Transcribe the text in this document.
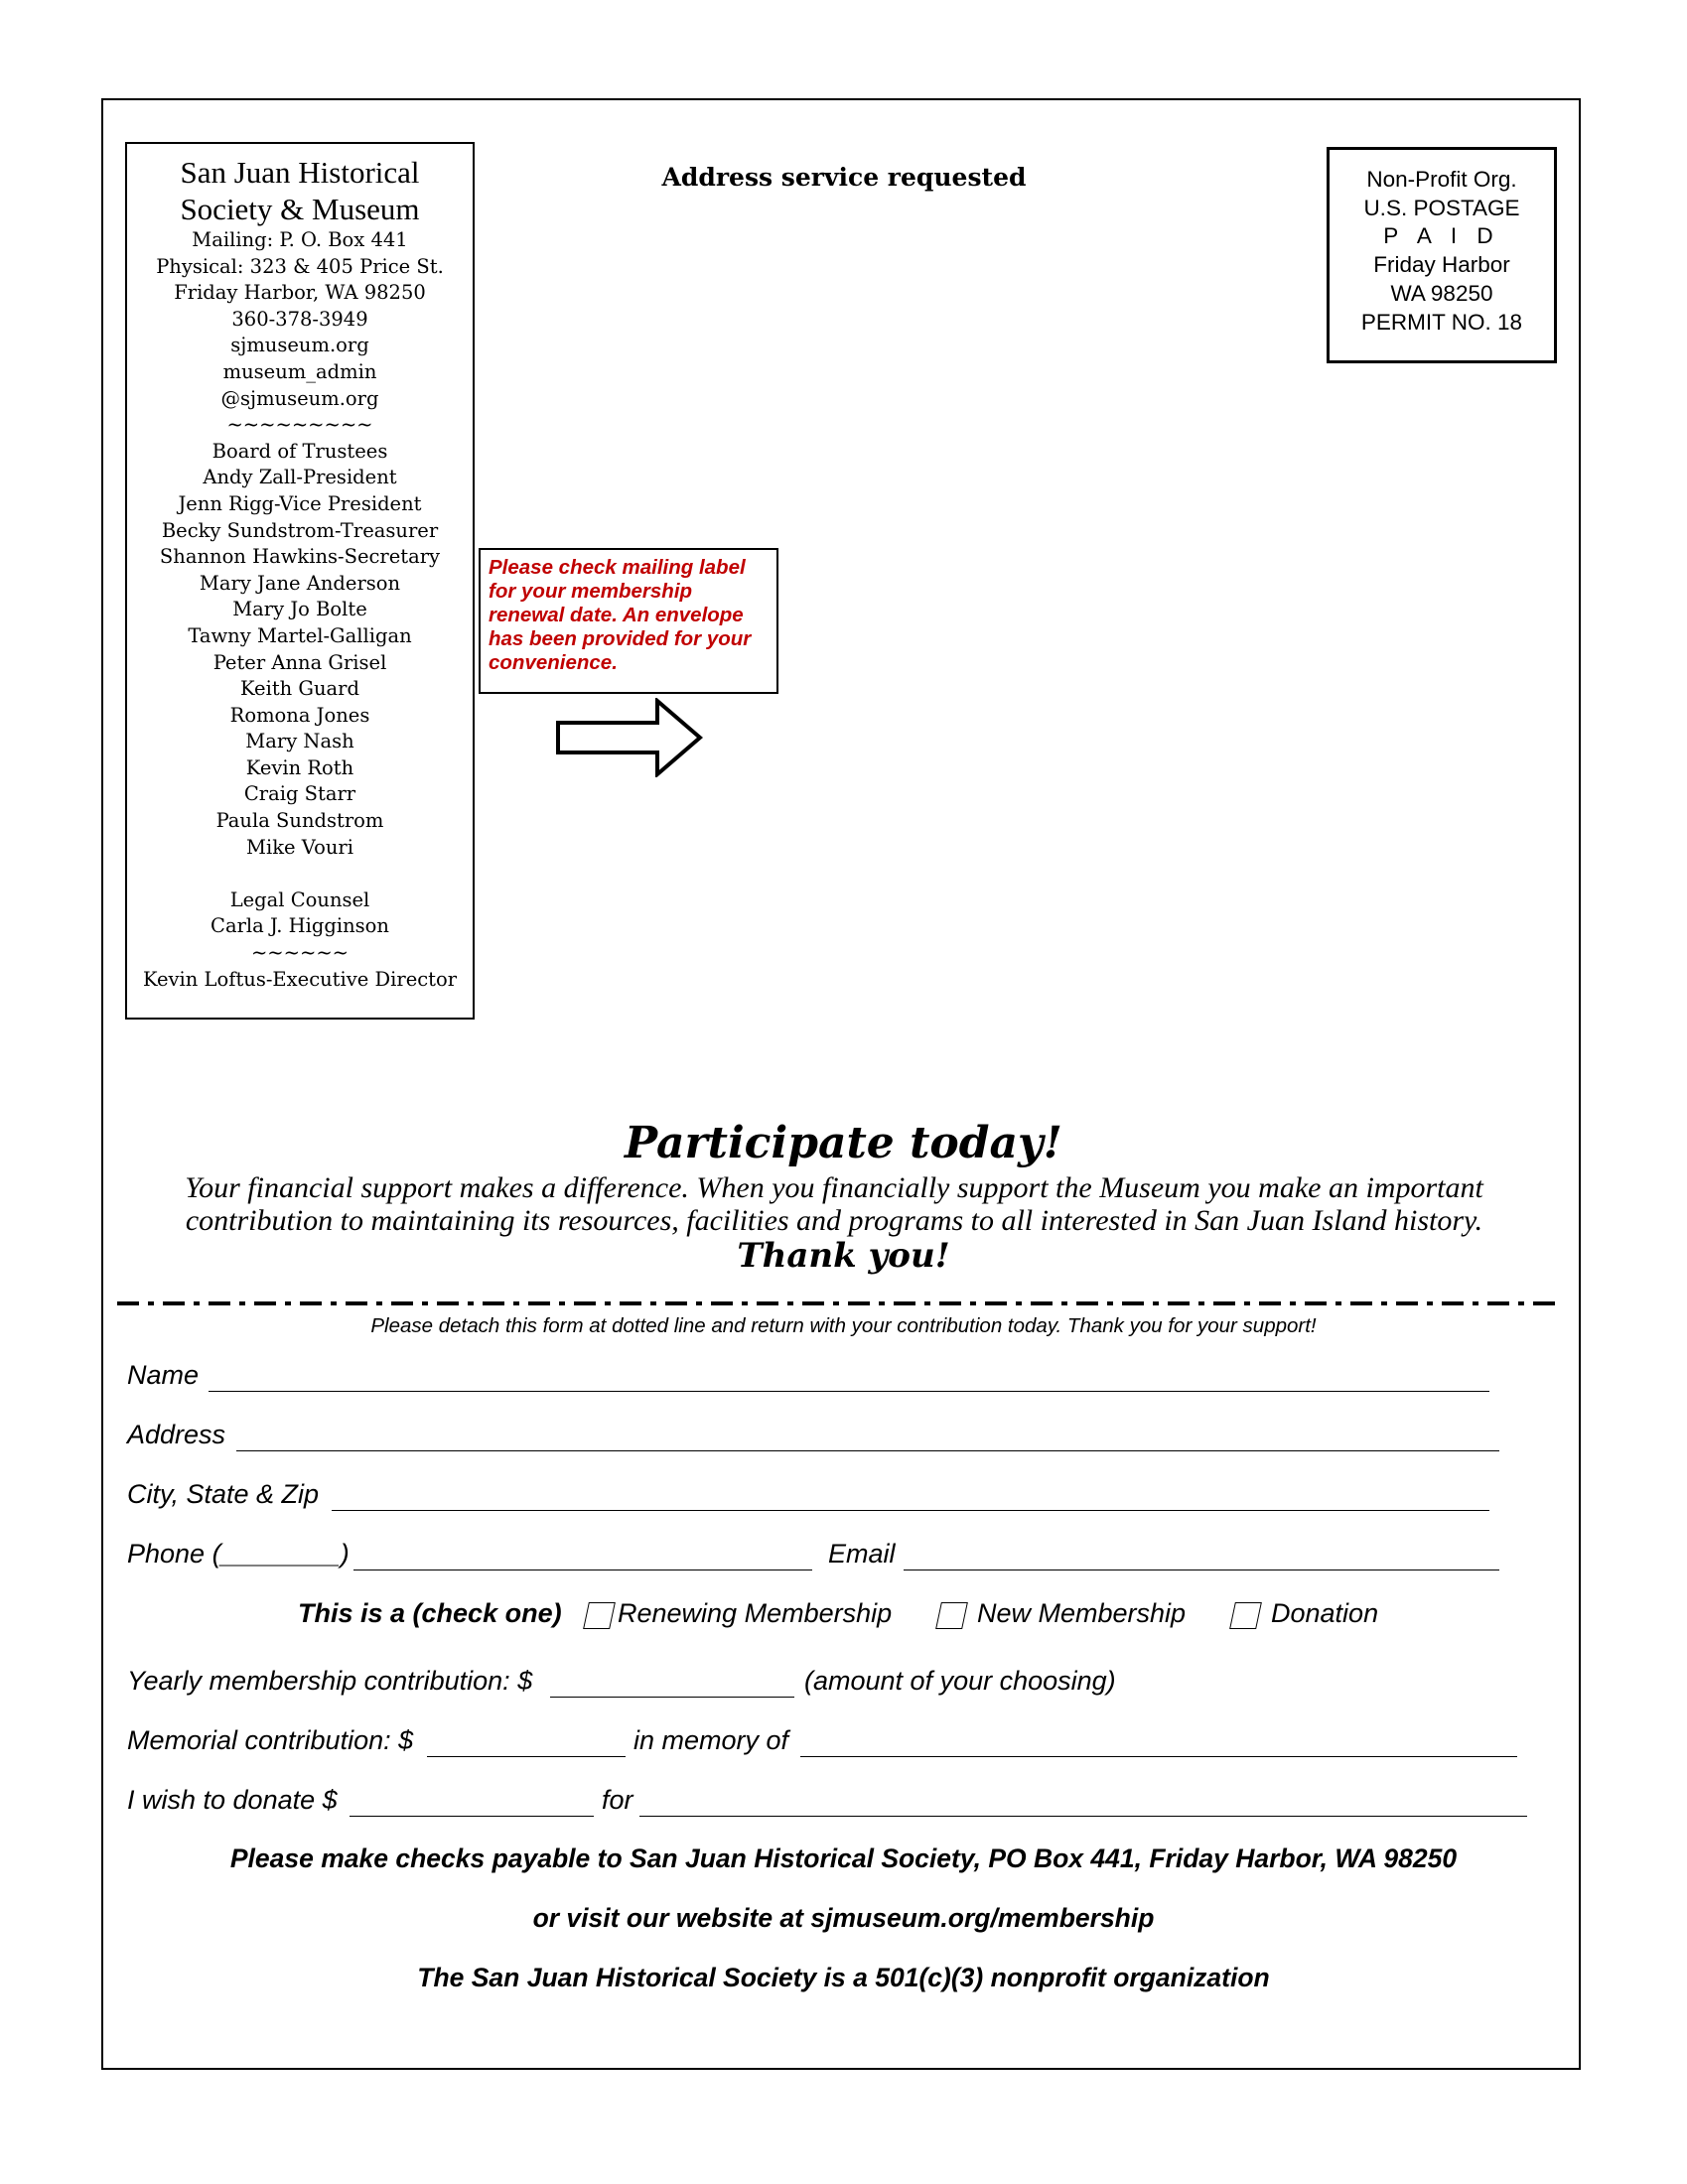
San Juan Historical
Society & Museum
Mailing: P. O. Box 441
Physical: 323 & 405 Price St.
Friday Harbor, WA 98250
360-378-3949
sjmuseum.org
museum_admin
@sjmuseum.org
~~~~~~~~~
Board of Trustees
Andy Zall-President
Jenn Rigg-Vice President
Becky Sundstrom-Treasurer
Shannon Hawkins-Secretary
Mary Jane Anderson
Mary Jo Bolte
Tawny Martel-Galligan
Peter Anna Grisel
Keith Guard
Romona Jones
Mary Nash
Kevin Roth
Craig Starr
Paula Sundstrom
Mike Vouri
Legal Counsel
Carla J. Higginson
~~~~~~
Kevin Loftus-Executive Director
Address service requested	Non-Profit Org.
U.S. POSTAGE
P A I D
Friday Harbor
WA 98250
PERMIT NO. 18
Please check mailing label for your membership renewal date. An envelope has been provided for your convenience.
Participate today!
Your financial support makes a difference. When you financially support the Museum you make an important
contribution to maintaining its resources, facilities and programs to all interested in San Juan Island history.
Thank you!
Please detach this form at dotted line and return with your contribution today. Thank you for your support!
Name
Address
City, State & Zip
Phone (________)	Email
This is a (check one) Renewing Membership	New Membership	Donation
Yearly membership contribution: $	(amount of your choosing)
Memorial contribution: $	in memory of
I wish to donate $	for
Please make checks payable to San Juan Historical Society, PO Box 441, Friday Harbor, WA 98250
or visit our website at sjmuseum.org/membership
The San Juan Historical Society is a 501(c)(3) nonprofit organization
